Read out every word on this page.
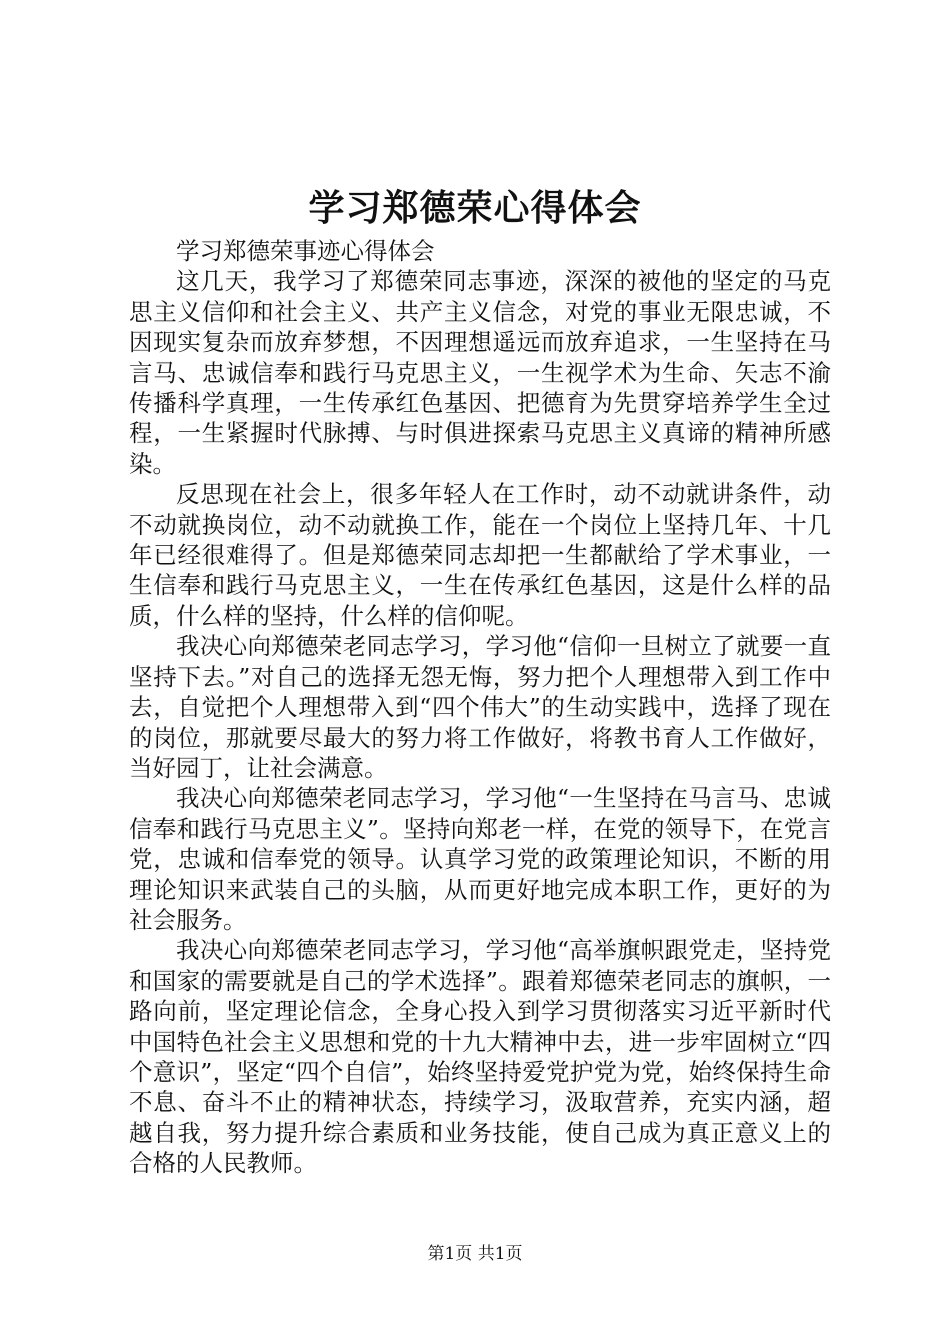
学习郑德荣心得体会

学习郑德荣事迹心得体会

这几天，我学习了郑德荣同志事迹，深深的被他的坚定的马克思主义信仰和社会主义、共产主义信念，对党的事业无限忠诚，不因现实复杂而放弃梦想，不因理想遥远而放弃追求，一生坚持在马言马、忠诚信奉和践行马克思主义，一生视学术为生命、矢志不渝传播科学真理，一生传承红色基因、把德育为先贯穿培养学生全过程，一生紧握时代脉搏、与时俱进探索马克思主义真谛的精神所感染。

反思现在社会上，很多年轻人在工作时，动不动就讲条件，动不动就换岗位，动不动就换工作，能在一个岗位上坚持几年、十几年已经很难得了。但是郑德荣同志却把一生都献给了学术事业，一生信奉和践行马克思主义，一生在传承红色基因，这是什么样的品质，什么样的坚持，什么样的信仰呢。

我决心向郑德荣老同志学习，学习他“信仰一旦树立了就要一直坚持下去。”对自己的选择无怨无悔，努力把个人理想带入到工作中去，自觉把个人理想带入到“四个伟大”的生动实践中，选择了现在的岗位，那就要尽最大的努力将工作做好，将教书育人工作做好，当好园丁，让社会满意。

我决心向郑德荣老同志学习，学习他“一生坚持在马言马、忠诚信奉和践行马克思主义”。坚持向郑老一样，在党的领导下，在党言党，忠诚和信奉党的领导。认真学习党的政策理论知识，不断的用理论知识来武装自己的头脑，从而更好地完成本职工作，更好的为社会服务。

我决心向郑德荣老同志学习，学习他“高举旗帜跟党走，坚持党和国家的需要就是自己的学术选择”。跟着郑德荣老同志的旗帜，一路向前，坚定理论信念，全身心投入到学习贯彻落实习近平新时代中国特色社会主义思想和党的十九大精神中去，进一步牢固树立“四个意识”，坚定“四个自信”，始终坚持爱党护党为党，始终保持生命不息、奋斗不止的精神状态，持续学习，汲取营养，充实内涵，超越自我，努力提升综合素质和业务技能，使自己成为真正意义上的合格的人民教师。

第1页 共1页
